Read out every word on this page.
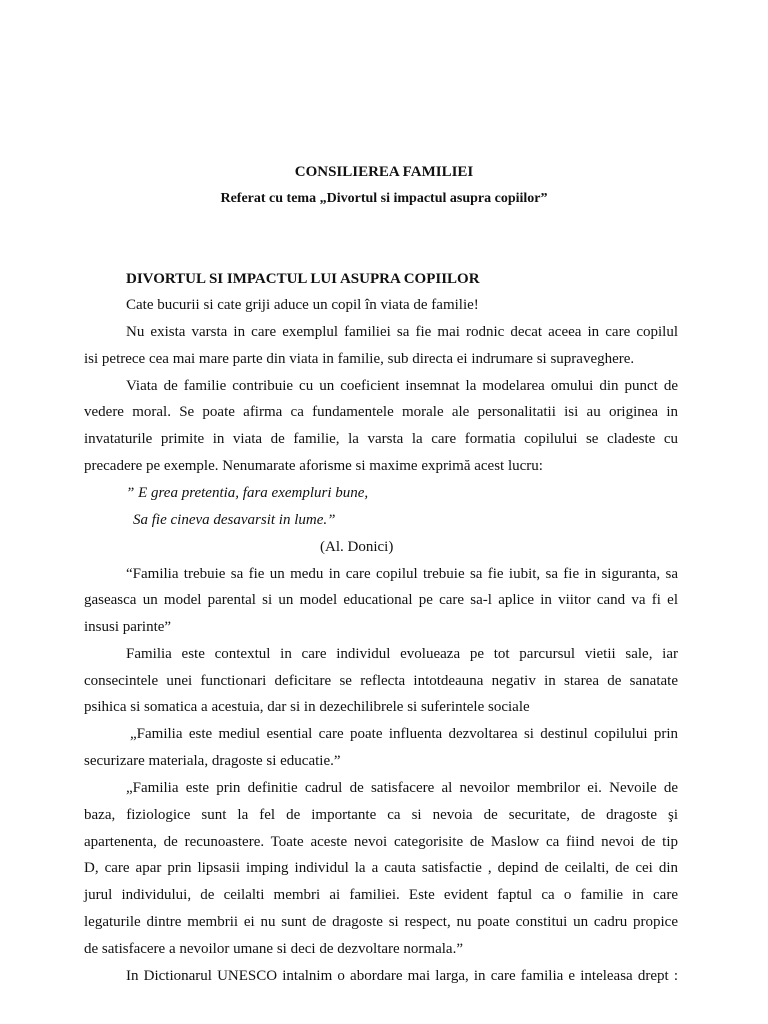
CONSILIEREA FAMILIEI
Referat cu tema „Divortul si impactul asupra copiilor”
DIVORTUL SI IMPACTUL LUI ASUPRA COPIILOR
Cate bucurii si cate griji aduce un copil în viata de familie!
Nu exista varsta in care exemplul familiei sa fie mai rodnic decat aceea in care copilul
isi petrece cea mai mare parte din viata in familie, sub directa ei indrumare si supraveghere.
Viata de familie contribuie cu un coeficient insemnat la modelarea omului din punct de
vedere moral. Se poate afirma ca fundamentele morale ale personalitatii isi au originea in
invataturile primite in viata de familie, la varsta la care formatia copilului se cladeste cu
precadere pe exemple. Nenumarate aforisme si maxime exprimă acest lucru:
” E grea pretentia, fara exempluri bune,
Sa fie cineva desavarsit in lume.”
(Al. Donici)
“Familia trebuie sa fie un medu in care copilul trebuie sa fie iubit, sa fie in siguranta, sa
gaseasca un model parental si un model educational pe care sa-l aplice in viitor cand va fi el
insusi parinte”
Familia este contextul in care individul evolueaza pe tot parcursul vietii sale, iar
consecintele unei functionari deficitare se reflecta intotdeauna negativ in starea de sanatate
psihica si somatica a acestuia, dar si in dezechilibrele si suferintele sociale
„Familia este mediul esential care poate influenta dezvoltarea si destinul copilului prin
securizare materiala, dragoste si educatie.”
„Familia este prin definitie cadrul de satisfacere al nevoilor membrilor ei. Nevoile de
baza, fiziologice sunt la fel de importante ca si nevoia de securitate, de dragoste şi
apartenenta, de recunoastere. Toate aceste nevoi categorisite de Maslow ca fiind nevoi de tip
D, care apar prin lipsasii imping individul la a cauta satisfactie , depind de ceilalti, de cei din
jurul individului, de ceilalti membri ai familiei. Este evident faptul ca o familie in care
legaturile dintre membrii ei nu sunt de dragoste si respect, nu poate constitui un cadru propice
de satisfacere a nevoilor umane si deci de dezvoltare normala.”
In Dictionarul UNESCO intalnim o abordare mai larga, in care familia e inteleasa drept :
